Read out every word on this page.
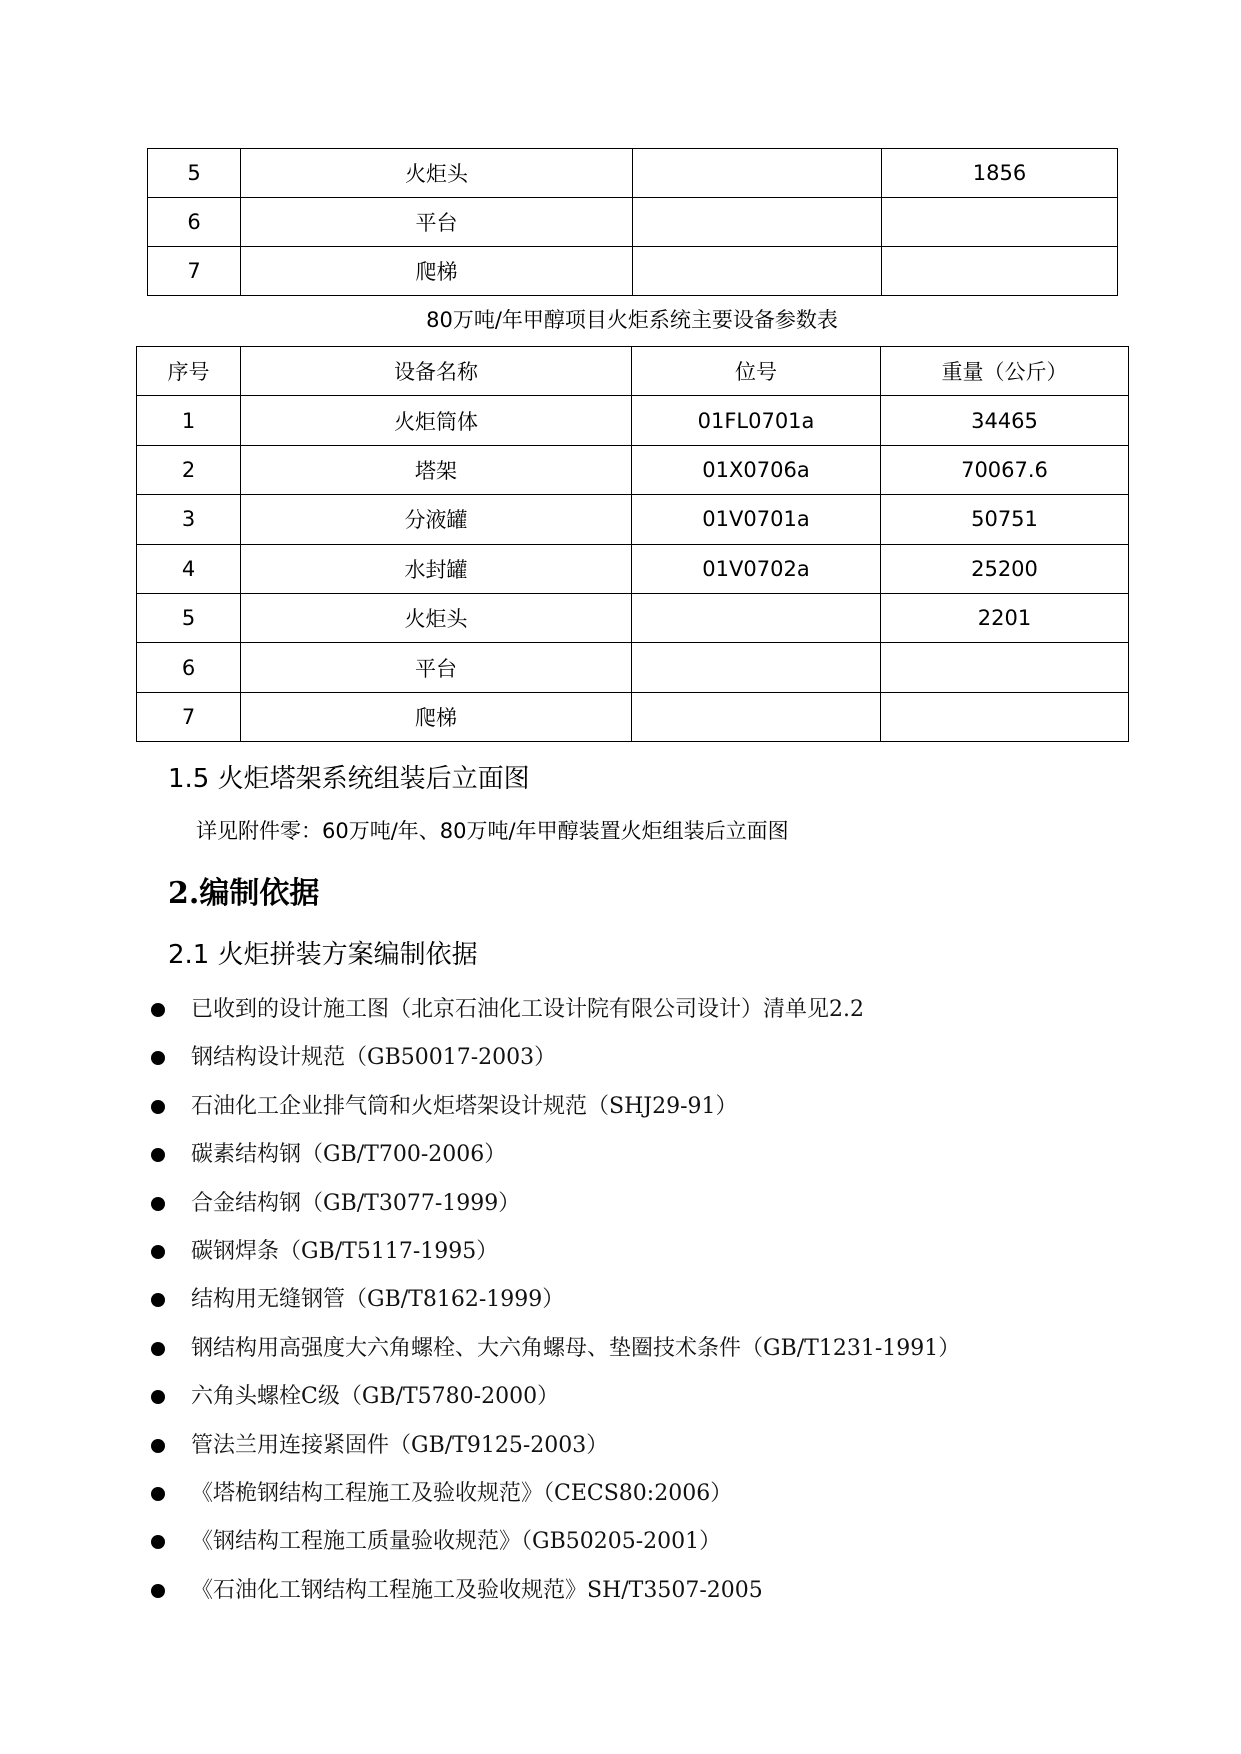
5	火炬头		1856
6	平台		
7	爬梯		
80万吨/年甲醇项目火炬系统主要设备参数表
序号	设备名称	位号	重量（公斤）
1	火炬筒体	01FL0701a	34465
2	塔架	01X0706a	70067.6
3	分液罐	01V0701a	50751
4	水封罐	01V0702a	25200
5	火炬头		2201
6	平台		
7	爬梯		
1.5 火炬塔架系统组装后立面图
详见附件零：60万吨/年、80万吨/年甲醇装置火炬组装后立面图
2.编制依据
2.1 火炬拼装方案编制依据
已收到的设计施工图（北京石油化工设计院有限公司设计）清单见2.2
钢结构设计规范（GB50017-2003）
石油化工企业排气筒和火炬塔架设计规范（SHJ29-91）
碳素结构钢（GB/T700-2006）
合金结构钢（GB/T3077-1999）
碳钢焊条（GB/T5117-1995）
结构用无缝钢管（GB/T8162-1999）
钢结构用高强度大六角螺栓、大六角螺母、垫圈技术条件（GB/T1231-1991）
六角头螺栓C级（GB/T5780-2000）
管法兰用连接紧固件（GB/T9125-2003）
《塔桅钢结构工程施工及验收规范》（CECS80:2006）
《钢结构工程施工质量验收规范》（GB50205-2001）
《石油化工钢结构工程施工及验收规范》SH/T3507-2005
